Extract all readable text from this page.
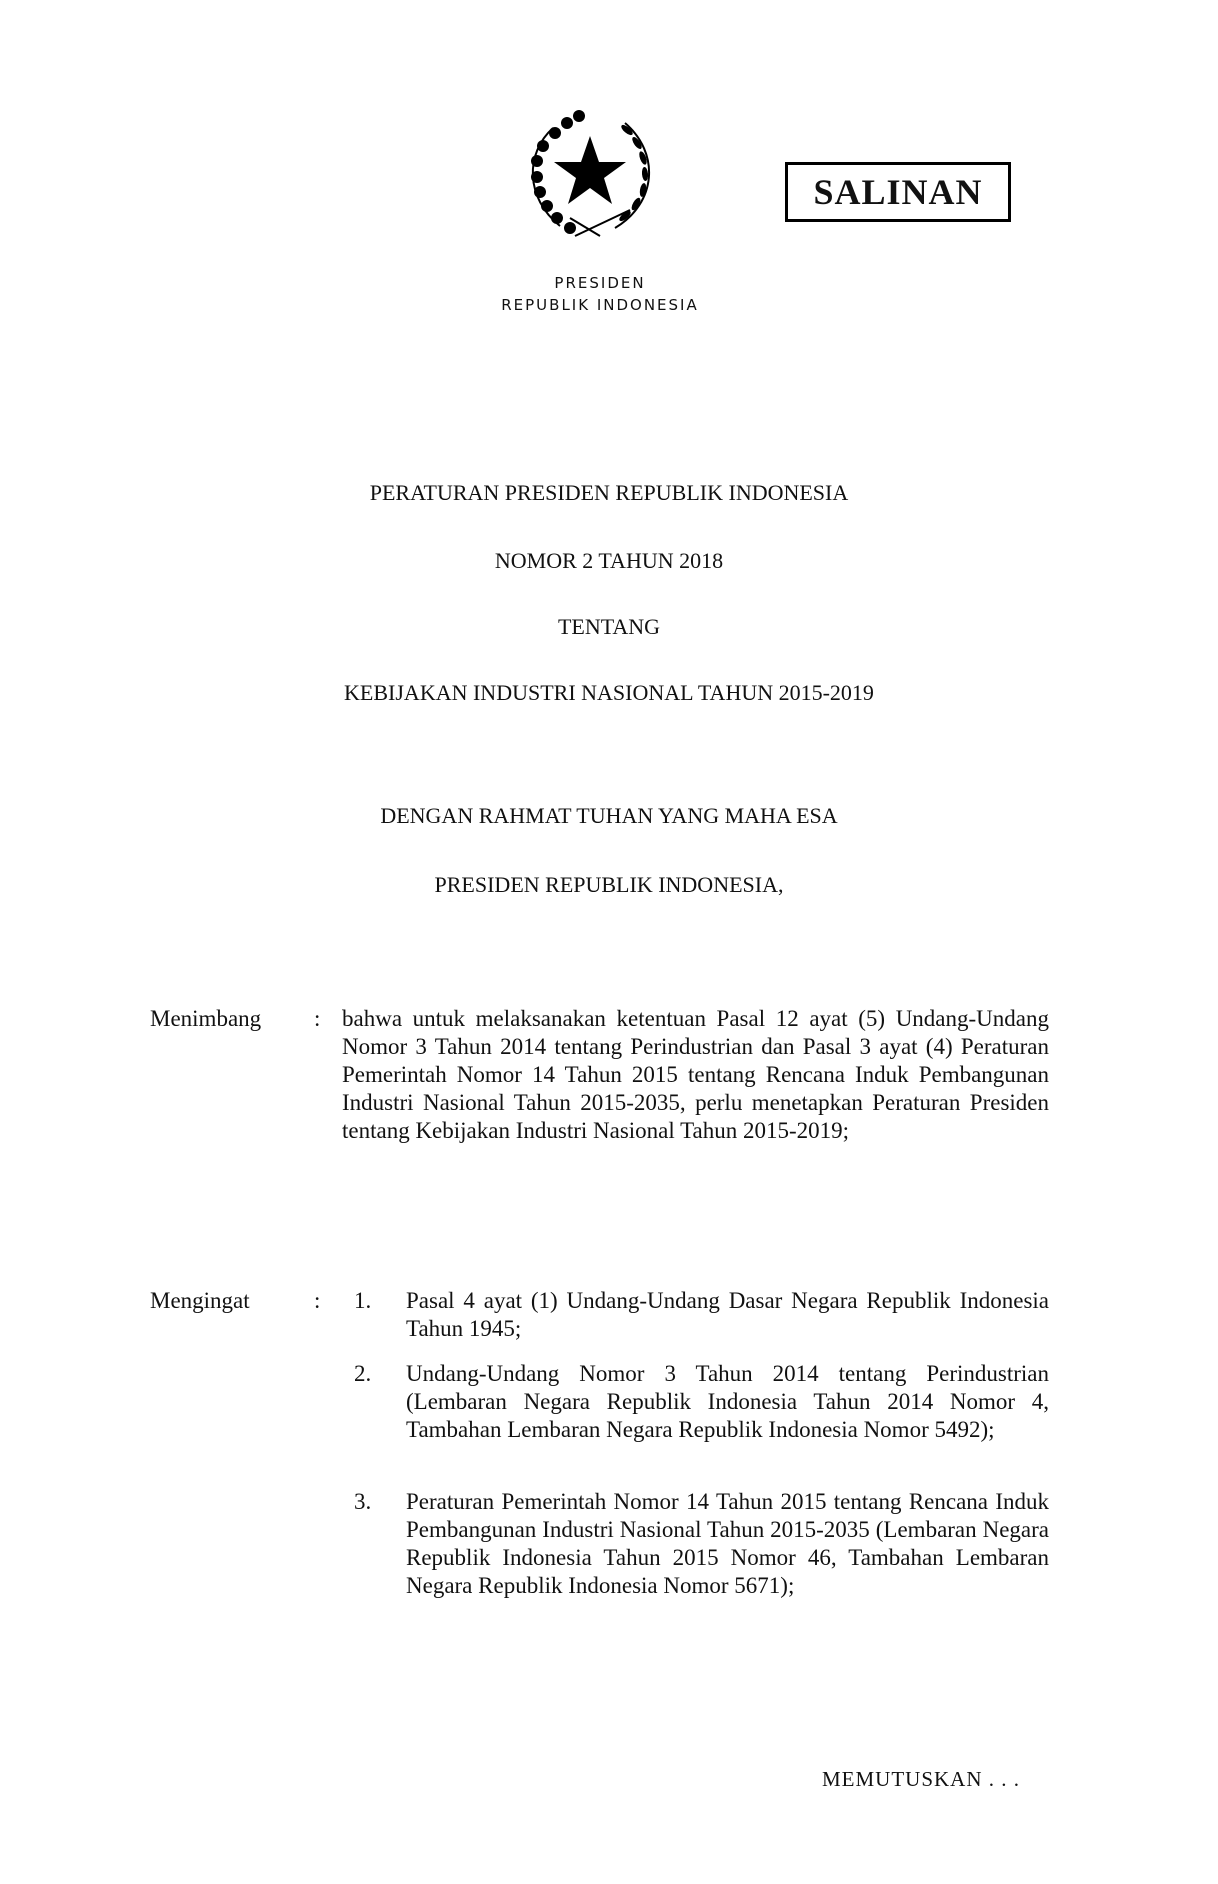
SALINAN
PRESIDEN
REPUBLIK INDONESIA
PERATURAN PRESIDEN REPUBLIK INDONESIA
NOMOR 2 TAHUN 2018
TENTANG
KEBIJAKAN INDUSTRI NASIONAL TAHUN 2015-2019
DENGAN RAHMAT TUHAN YANG MAHA ESA
PRESIDEN REPUBLIK INDONESIA,
Menimbang : bahwa untuk melaksanakan ketentuan Pasal 12 ayat (5) Undang-Undang Nomor 3 Tahun 2014 tentang Perindustrian dan Pasal 3 ayat (4) Peraturan Pemerintah Nomor 14 Tahun 2015 tentang Rencana Induk Pembangunan Industri Nasional Tahun 2015-2035, perlu menetapkan Peraturan Presiden tentang Kebijakan Industri Nasional Tahun 2015-2019;
Mengingat	: 1. Pasal 4 ayat (1) Undang-Undang Dasar Negara Republik Indonesia Tahun 1945;
2. Undang-Undang Nomor 3 Tahun 2014 tentang Perindustrian (Lembaran Negara Republik Indonesia Tahun 2014 Nomor 4, Tambahan Lembaran Negara Republik Indonesia Nomor 5492);
3. Peraturan Pemerintah Nomor 14 Tahun 2015 tentang Rencana Induk Pembangunan Industri Nasional Tahun 2015-2035 (Lembaran Negara Republik Indonesia Tahun 2015 Nomor 46, Tambahan Lembaran Negara Republik Indonesia Nomor 5671);
MEMUTUSKAN . . .
